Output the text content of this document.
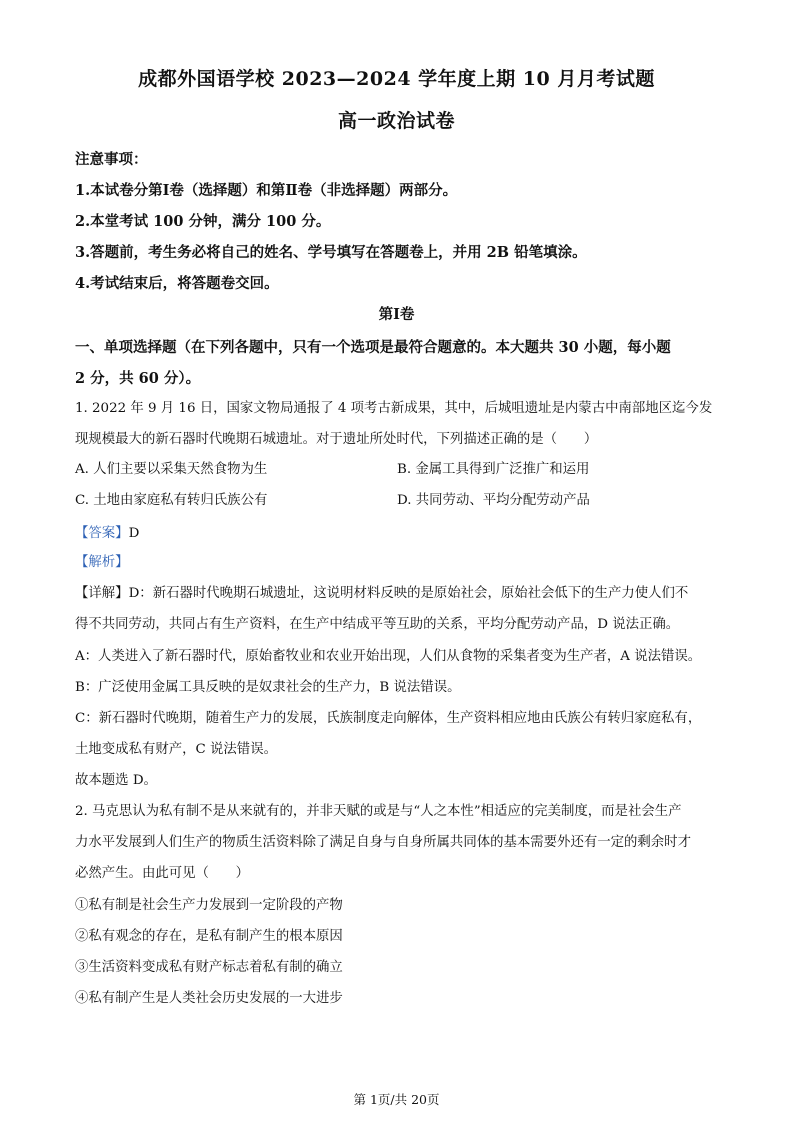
成都外国语学校 2023—2024 学年度上期 10 月月考试题
高一政治试卷
注意事项：
1.本试卷分第Ⅰ卷（选择题）和第Ⅱ卷（非选择题）两部分。
2.本堂考试 100 分钟，满分 100 分。
3.答题前，考生务必将自己的姓名、学号填写在答题卷上，并用 2B 铅笔填涂。
4.考试结束后，将答题卷交回。
第Ⅰ卷
一、单项选择题（在下列各题中，只有一个选项是最符合题意的。本大题共 30 小题，每小题
2 分，共 60 分）。
1. 2022 年 9 月 16 日，国家文物局通报了 4 项考古新成果，其中，后城咀遗址是内蒙古中南部地区迄今发
现规模最大的新石器时代晚期石城遗址。对于遗址所处时代，下列描述正确的是（　　）
A. 人们主要以采集天然食物为生	B. 金属工具得到广泛推广和运用
C. 土地由家庭私有转归氏族公有	D. 共同劳动、平均分配劳动产品
【答案】D
【解析】
【详解】D：新石器时代晚期石城遗址，这说明材料反映的是原始社会，原始社会低下的生产力使人们不
得不共同劳动，共同占有生产资料，在生产中结成平等互助的关系，平均分配劳动产品，D 说法正确。
A：人类进入了新石器时代，原始畜牧业和农业开始出现，人们从食物的采集者变为生产者，A 说法错误。
B：广泛使用金属工具反映的是奴隶社会的生产力，B 说法错误。
C：新石器时代晚期，随着生产力的发展，氏族制度走向解体，生产资料相应地由氏族公有转归家庭私有，
土地变成私有财产，C 说法错误。
故本题选 D。
2. 马克思认为私有制不是从来就有的，并非天赋的或是与“人之本性”相适应的完美制度，而是社会生产
力水平发展到人们生产的物质生活资料除了满足自身与自身所属共同体的基本需要外还有一定的剩余时才
必然产生。由此可见（　　）
①私有制是社会生产力发展到一定阶段的产物
②私有观念的存在，是私有制产生的根本原因
③生活资料变成私有财产标志着私有制的确立
④私有制产生是人类社会历史发展的一大进步
第 1页/共 20页
